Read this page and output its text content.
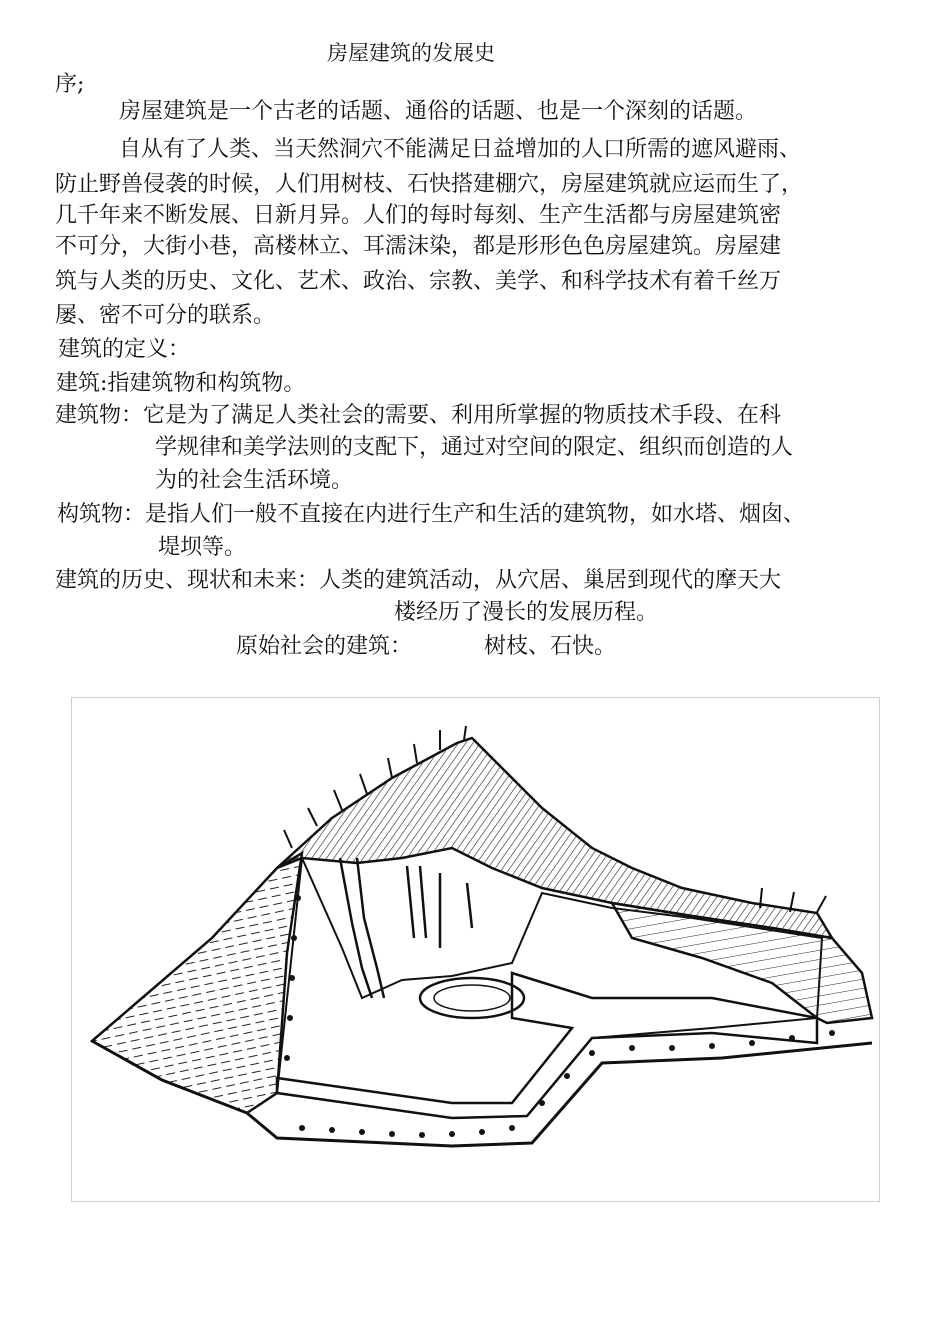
房屋建筑的发展史
序;
房屋建筑是一个古老的话题、通俗的话题、也是一个深刻的话题。
自从有了人类、当天然洞穴不能满足日益增加的人口所需的遮风避雨、
防止野兽侵袭的时候，人们用树枝、石快搭建棚穴，房屋建筑就应运而生了，
几千年来不断发展、日新月异。人们的每时每刻、生产生活都与房屋建筑密
不可分，大街小巷，高楼林立、耳濡沫染，都是形形色色房屋建筑。房屋建
筑与人类的历史、文化、艺术、政治、宗教、美学、和科学技术有着千丝万
屡、密不可分的联系。
建筑的定义：
建筑:指建筑物和构筑物。
建筑物：它是为了满足人类社会的需要、利用所掌握的物质技术手段、在科
学规律和美学法则的支配下，通过对空间的限定、组织而创造的人
为的社会生活环境。
构筑物：是指人们一般不直接在内进行生产和生活的建筑物，如水塔、烟囱、
堤坝等。
建筑的历史、现状和未来：人类的建筑活动，从穴居、巢居到现代的摩天大
楼经历了漫长的发展历程。
原始社会的建筑：	树枝、石快。
